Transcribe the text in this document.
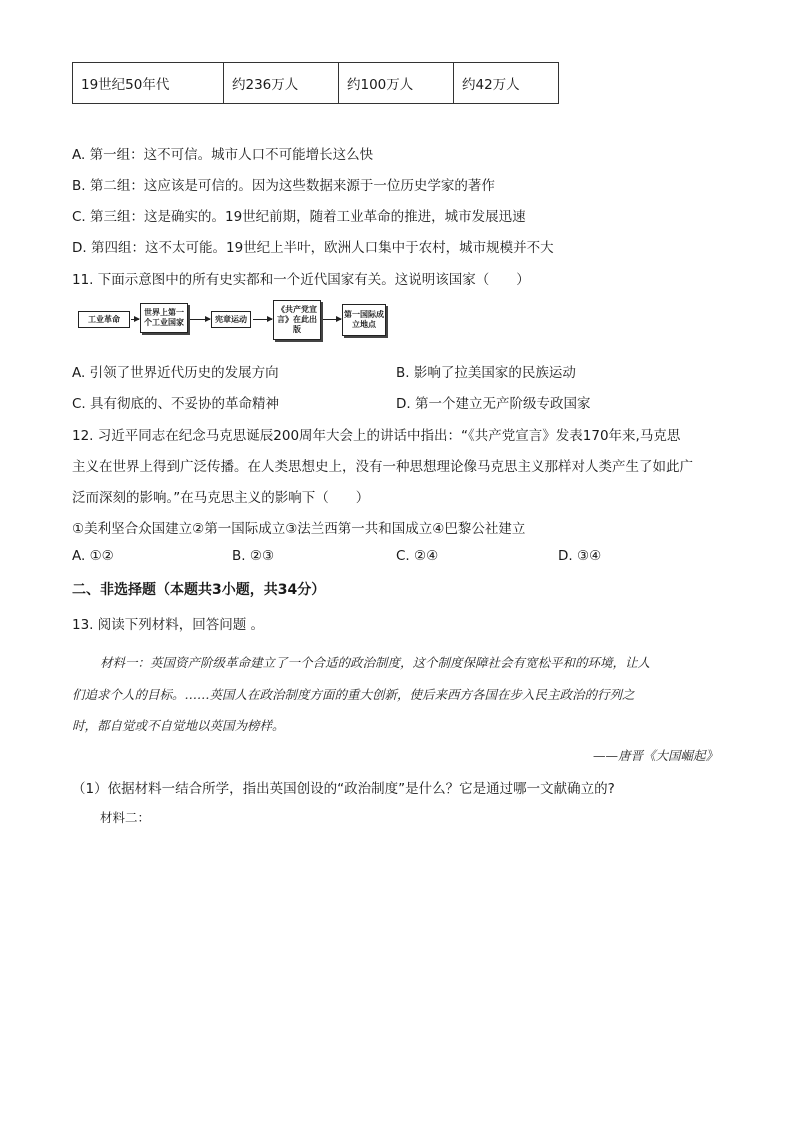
19世纪50年代	约236万人	约100万人	约42万人
A. 第一组：这不可信。城市人口不可能增长这么快
B. 第二组：这应该是可信的。因为这些数据来源于一位历史学家的著作
C. 第三组：这是确实的。19世纪前期，随着工业革命的推进，城市发展迅速
D. 第四组：这不太可能。19世纪上半叶，欧洲人口集中于农村，城市规模并不大
11. 下面示意图中的所有史实都和一个近代国家有关。这说明该国家（　　）
工业革命
世界上第一个工业国家	宪章运动
《共产党宣言》在此出版
第一国际成立地点
A. 引领了世界近代历史的发展方向	B. 影响了拉美国家的民族运动
C. 具有彻底的、不妥协的革命精神	D. 第一个建立无产阶级专政国家
12. 习近平同志在纪念马克思诞辰200周年大会上的讲话中指出：“《共产党宣言》发表170年来,马克思
主义在世界上得到广泛传播。在人类思想史上，没有一种思想理论像马克思主义那样对人类产生了如此广
泛而深刻的影响。”在马克思主义的影响下（　　）
①美利坚合众国建立②第一国际成立③法兰西第一共和国成立④巴黎公社建立
A. ①②	B. ②③	C. ②④	D. ③④
二、非选择题（本题共3小题，共34分）
13. 阅读下列材料，回答问题 。
材料一：英国资产阶级革命建立了一个合适的政治制度，这个制度保障社会有宽松平和的环境，让人
们追求个人的目标。……英国人在政治制度方面的重大创新，使后来西方各国在步入民主政治的行列之
时，都自觉或不自觉地以英国为榜样。
——唐晋《大国崛起》
（1）依据材料一结合所学，指出英国创设的“政治制度”是什么？它是通过哪一文献确立的?
材料二：
